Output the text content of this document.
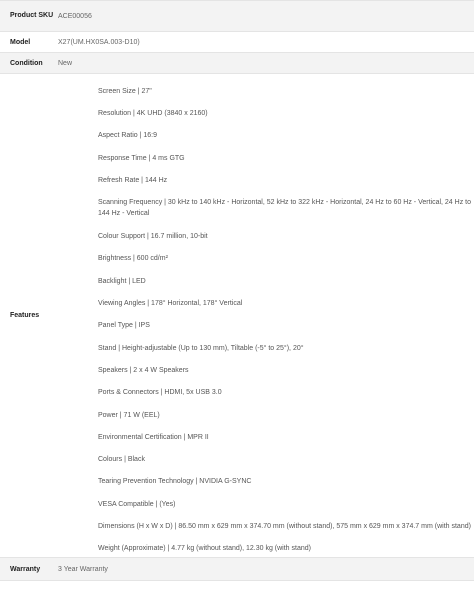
Product SKU ACE00056
Model	X27(UM.HX0SA.003-D10)
Condition	New
Features
Screen Size | 27"
Resolution | 4K UHD (3840 x 2160)
Aspect Ratio | 16:9
Response Time | 4 ms GTG
Refresh Rate | 144 Hz
Scanning Frequency | 30 kHz to 140 kHz - Horizontal, 52 kHz to 322 kHz - Horizontal, 24 Hz to 60 Hz - Vertical, 24 Hz to 144 Hz - Vertical
Colour Support | 16.7 million, 10-bit
Brightness | 600 cd/m²
Backlight | LED
Viewing Angles | 178° Horizontal, 178° Vertical
Panel Type | IPS
Stand | Height-adjustable (Up to 130 mm), Tiltable (-5° to 25°), 20°
Speakers | 2 x 4 W Speakers
Ports & Connectors | HDMI, 5x USB 3.0
Power | 71 W (EEL)
Environmental Certification | MPR II
Colours | Black
Tearing Prevention Technology | NVIDIA G-SYNC
VESA Compatible | (Yes)
Dimensions (H x W x D) | 86.50 mm x 629 mm x 374.70 mm (without stand), 575 mm x 629 mm x 374.7 mm (with stand)
Weight (Approximate) | 4.77 kg (without stand), 12.30 kg (with stand)
Warranty	3 Year Warranty
